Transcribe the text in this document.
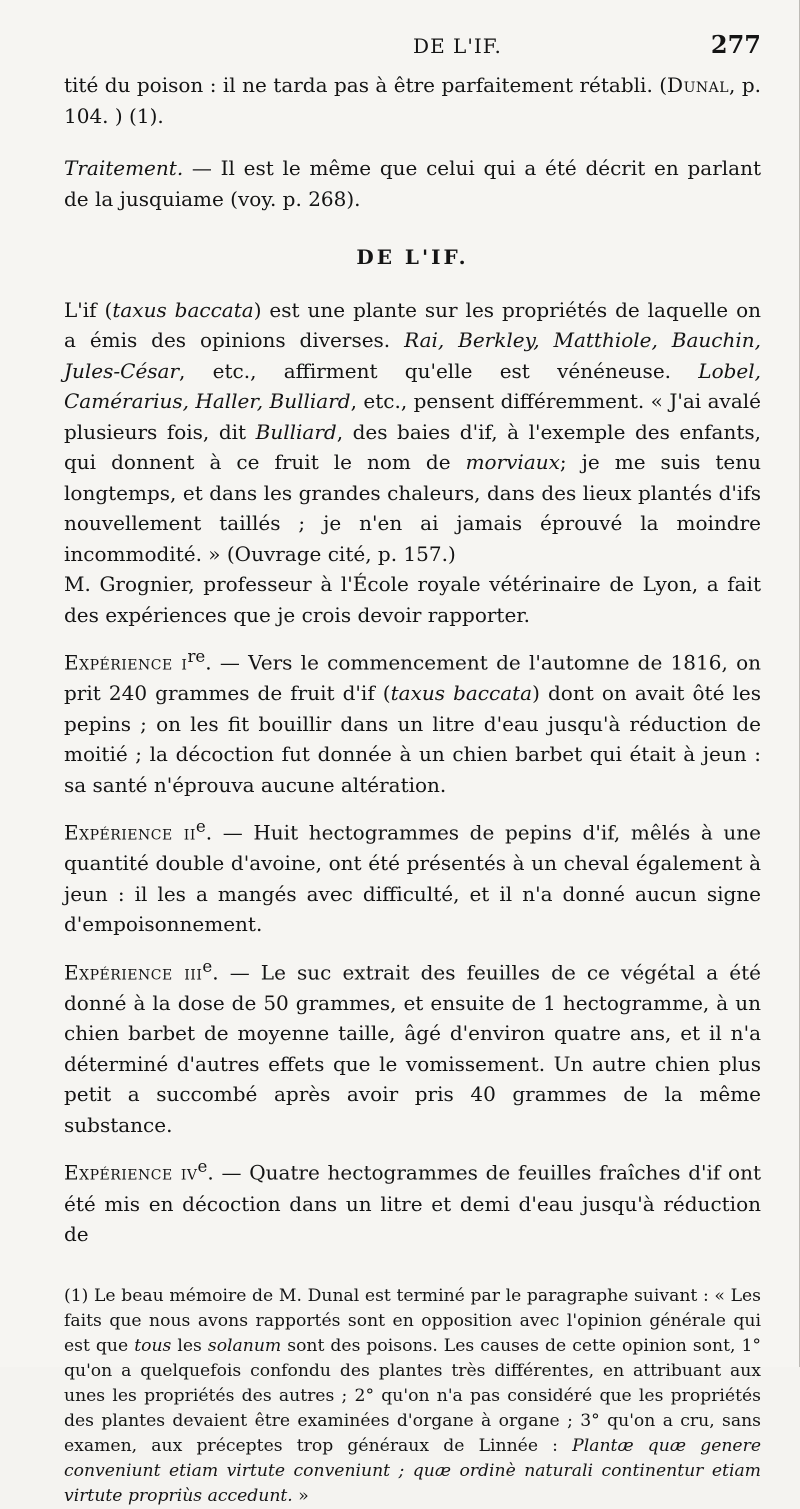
DE L'IF.	277

tité du poison : il ne tarda pas à être parfaitement rétabli. (Dunal, p. 104. ) (1).

Traitement. — Il est le même que celui qui a été décrit en parlant de la jusquiame (voy. p. 268).

DE L'IF.

L'if (taxus baccata) est une plante sur les propriétés de laquelle on a émis des opinions diverses. Rai, Berkley, Matthiole, Bauchin, Jules-César, etc., affirment qu'elle est vénéneuse. Lobel, Camérarius, Haller, Bulliard, etc., pensent différemment. « J'ai avalé plusieurs fois, dit Bulliard, des baies d'if, à l'exemple des enfants, qui donnent à ce fruit le nom de morviaux; je me suis tenu longtemps, et dans les grandes chaleurs, dans des lieux plantés d'ifs nouvellement taillés ; je n'en ai jamais éprouvé la moindre incommodité. » (Ouvrage cité, p. 157.)

M. Grognier, professeur à l'École royale vétérinaire de Lyon, a fait des expériences que je crois devoir rapporter.

Expérience $i^{re}$. — Vers le commencement de l'automne de 1816, on prit 240 grammes de fruit d'if (taxus baccata) dont on avait ôté les pepins ; on les fit bouillir dans un litre d'eau jusqu'à réduction de moitié ; la décoction fut donnée à un chien barbet qui était à jeun : sa santé n'éprouva aucune altération.

Expérience $ii^e$. — Huit hectogrammes de pepins d'if, mêlés à une quantité double d'avoine, ont été présentés à un cheval également à jeun : il les a mangés avec difficulté, et il n'a donné aucun signe d'empoisonnement.

Expérience iii$^e$. — Le suc extrait des feuilles de ce végétal a été donné à la dose de 50 grammes, et ensuite de 1 hectogramme, à un chien barbet de moyenne taille, âgé d'environ quatre ans, et il n'a déterminé d'autres effets que le vomissement. Un autre chien plus petit a succombé après avoir pris 40 grammes de la même substance.

Expérience $iv^e$. — Quatre hectogrammes de feuilles fraîches d'if ont été mis en décoction dans un litre et demi d'eau jusqu'à réduction de

(1) Le beau mémoire de M. Dunal est terminé par le paragraphe suivant : « Les faits que nous avons rapportés sont en opposition avec l'opinion générale qui est que tous les solanum sont des poisons. Les causes de cette opinion sont, 1° qu'on a quelquefois confondu des plantes très différentes, en attribuant aux unes les propriétés des autres ; 2° qu'on n'a pas considéré que les propriétés des plantes devaient être examinées d'organe à organe ; 3° qu'on a cru, sans examen, aux préceptes trop généraux de Linnée : Plantæ quæ genere conveniunt etiam virtute conveniunt ; quæ ordinè naturali continentur etiam virtute propriùs accedunt. »
